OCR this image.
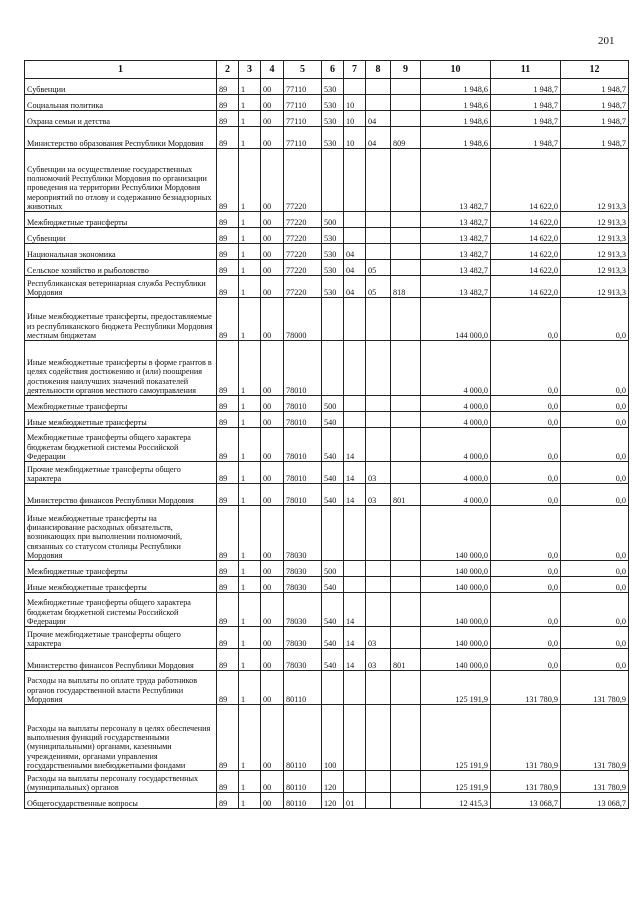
201
1	2	3	4	5	6	7	8	9	10	11	12
Субвенции	89	1	00	77110	530				1 948,6	1 948,7	1 948,7
Социальная политика	89	1	00	77110	530	10			1 948,6	1 948,7	1 948,7
Охрана семьи и детства	89	1	00	77110	530	10	04		1 948,6	1 948,7	1 948,7
Министерство образования Республики Мордовия	89	1	00	77110	530	10	04	809	1 948,6	1 948,7	1 948,7
Субвенции на осуществление государственных полномочий Республики Мордовия по организации проведения на территории Республики Мордовия мероприятий по отлову и содержанию безнадзорных животных	89	1	00	77220					13 482,7	14 622,0	12 913,3
Межбюджетные трансферты	89	1	00	77220	500				13 482,7	14 622,0	12 913,3
Субвенции	89	1	00	77220	530				13 482,7	14 622,0	12 913,3
Национальная экономика	89	1	00	77220	530	04			13 482,7	14 622,0	12 913,3
Сельское хозяйство и рыболовство	89	1	00	77220	530	04	05		13 482,7	14 622,0	12 913,3
Республиканская ветеринарная служба Республики Мордовия	89	1	00	77220	530	04	05	818	13 482,7	14 622,0	12 913,3
Иные межбюджетные трансферты, предоставляемые из республиканского бюджета Республики Мордовия местным бюджетам	89	1	00	78000					144 000,0	0,0	0,0
Иные межбюджетные трансферты в форме грантов в целях содействия достижению и (или) поощрения достижения наилучших значений показателей деятельности органов местного самоуправления	89	1	00	78010					4 000,0	0,0	0,0
Межбюджетные трансферты	89	1	00	78010	500				4 000,0	0,0	0,0
Иные межбюджетные трансферты	89	1	00	78010	540				4 000,0	0,0	0,0
Межбюджетные трансферты общего характера бюджетам бюджетной системы Российской Федерации	89	1	00	78010	540	14			4 000,0	0,0	0,0
Прочие межбюджетные трансферты общего характера	89	1	00	78010	540	14	03		4 000,0	0,0	0,0
Министерство финансов Республики Мордовия	89	1	00	78010	540	14	03	801	4 000,0	0,0	0,0
Иные межбюджетные трансферты на финансирование расходных обязательств, возникающих при выполнении полномочий, связанных со статусом столицы Республики Мордовия	89	1	00	78030					140 000,0	0,0	0,0
Межбюджетные трансферты	89	1	00	78030	500				140 000,0	0,0	0,0
Иные межбюджетные трансферты	89	1	00	78030	540				140 000,0	0,0	0,0
Межбюджетные трансферты общего характера бюджетам бюджетной системы Российской Федерации	89	1	00	78030	540	14			140 000,0	0,0	0,0
Прочие межбюджетные трансферты общего характера	89	1	00	78030	540	14	03		140 000,0	0,0	0,0
Министерство финансов Республики Мордовия	89	1	00	78030	540	14	03	801	140 000,0	0,0	0,0
Расходы на выплаты по оплате труда работников органов государственной власти Республики Мордовия	89	1	00	80110					125 191,9	131 780,9	131 780,9
Расходы на выплаты персоналу в целях обеспечения выполнения функций государственными (муниципальными) органами, казенными учреждениями, органами управления государственными внебюджетными фондами	89	1	00	80110	100				125 191,9	131 780,9	131 780,9
Расходы на выплаты персоналу государственных (муниципальных) органов	89	1	00	80110	120				125 191,9	131 780,9	131 780,9
Общегосударственные вопросы	89	1	00	80110	120	01			12 415,3	13 068,7	13 068,7
